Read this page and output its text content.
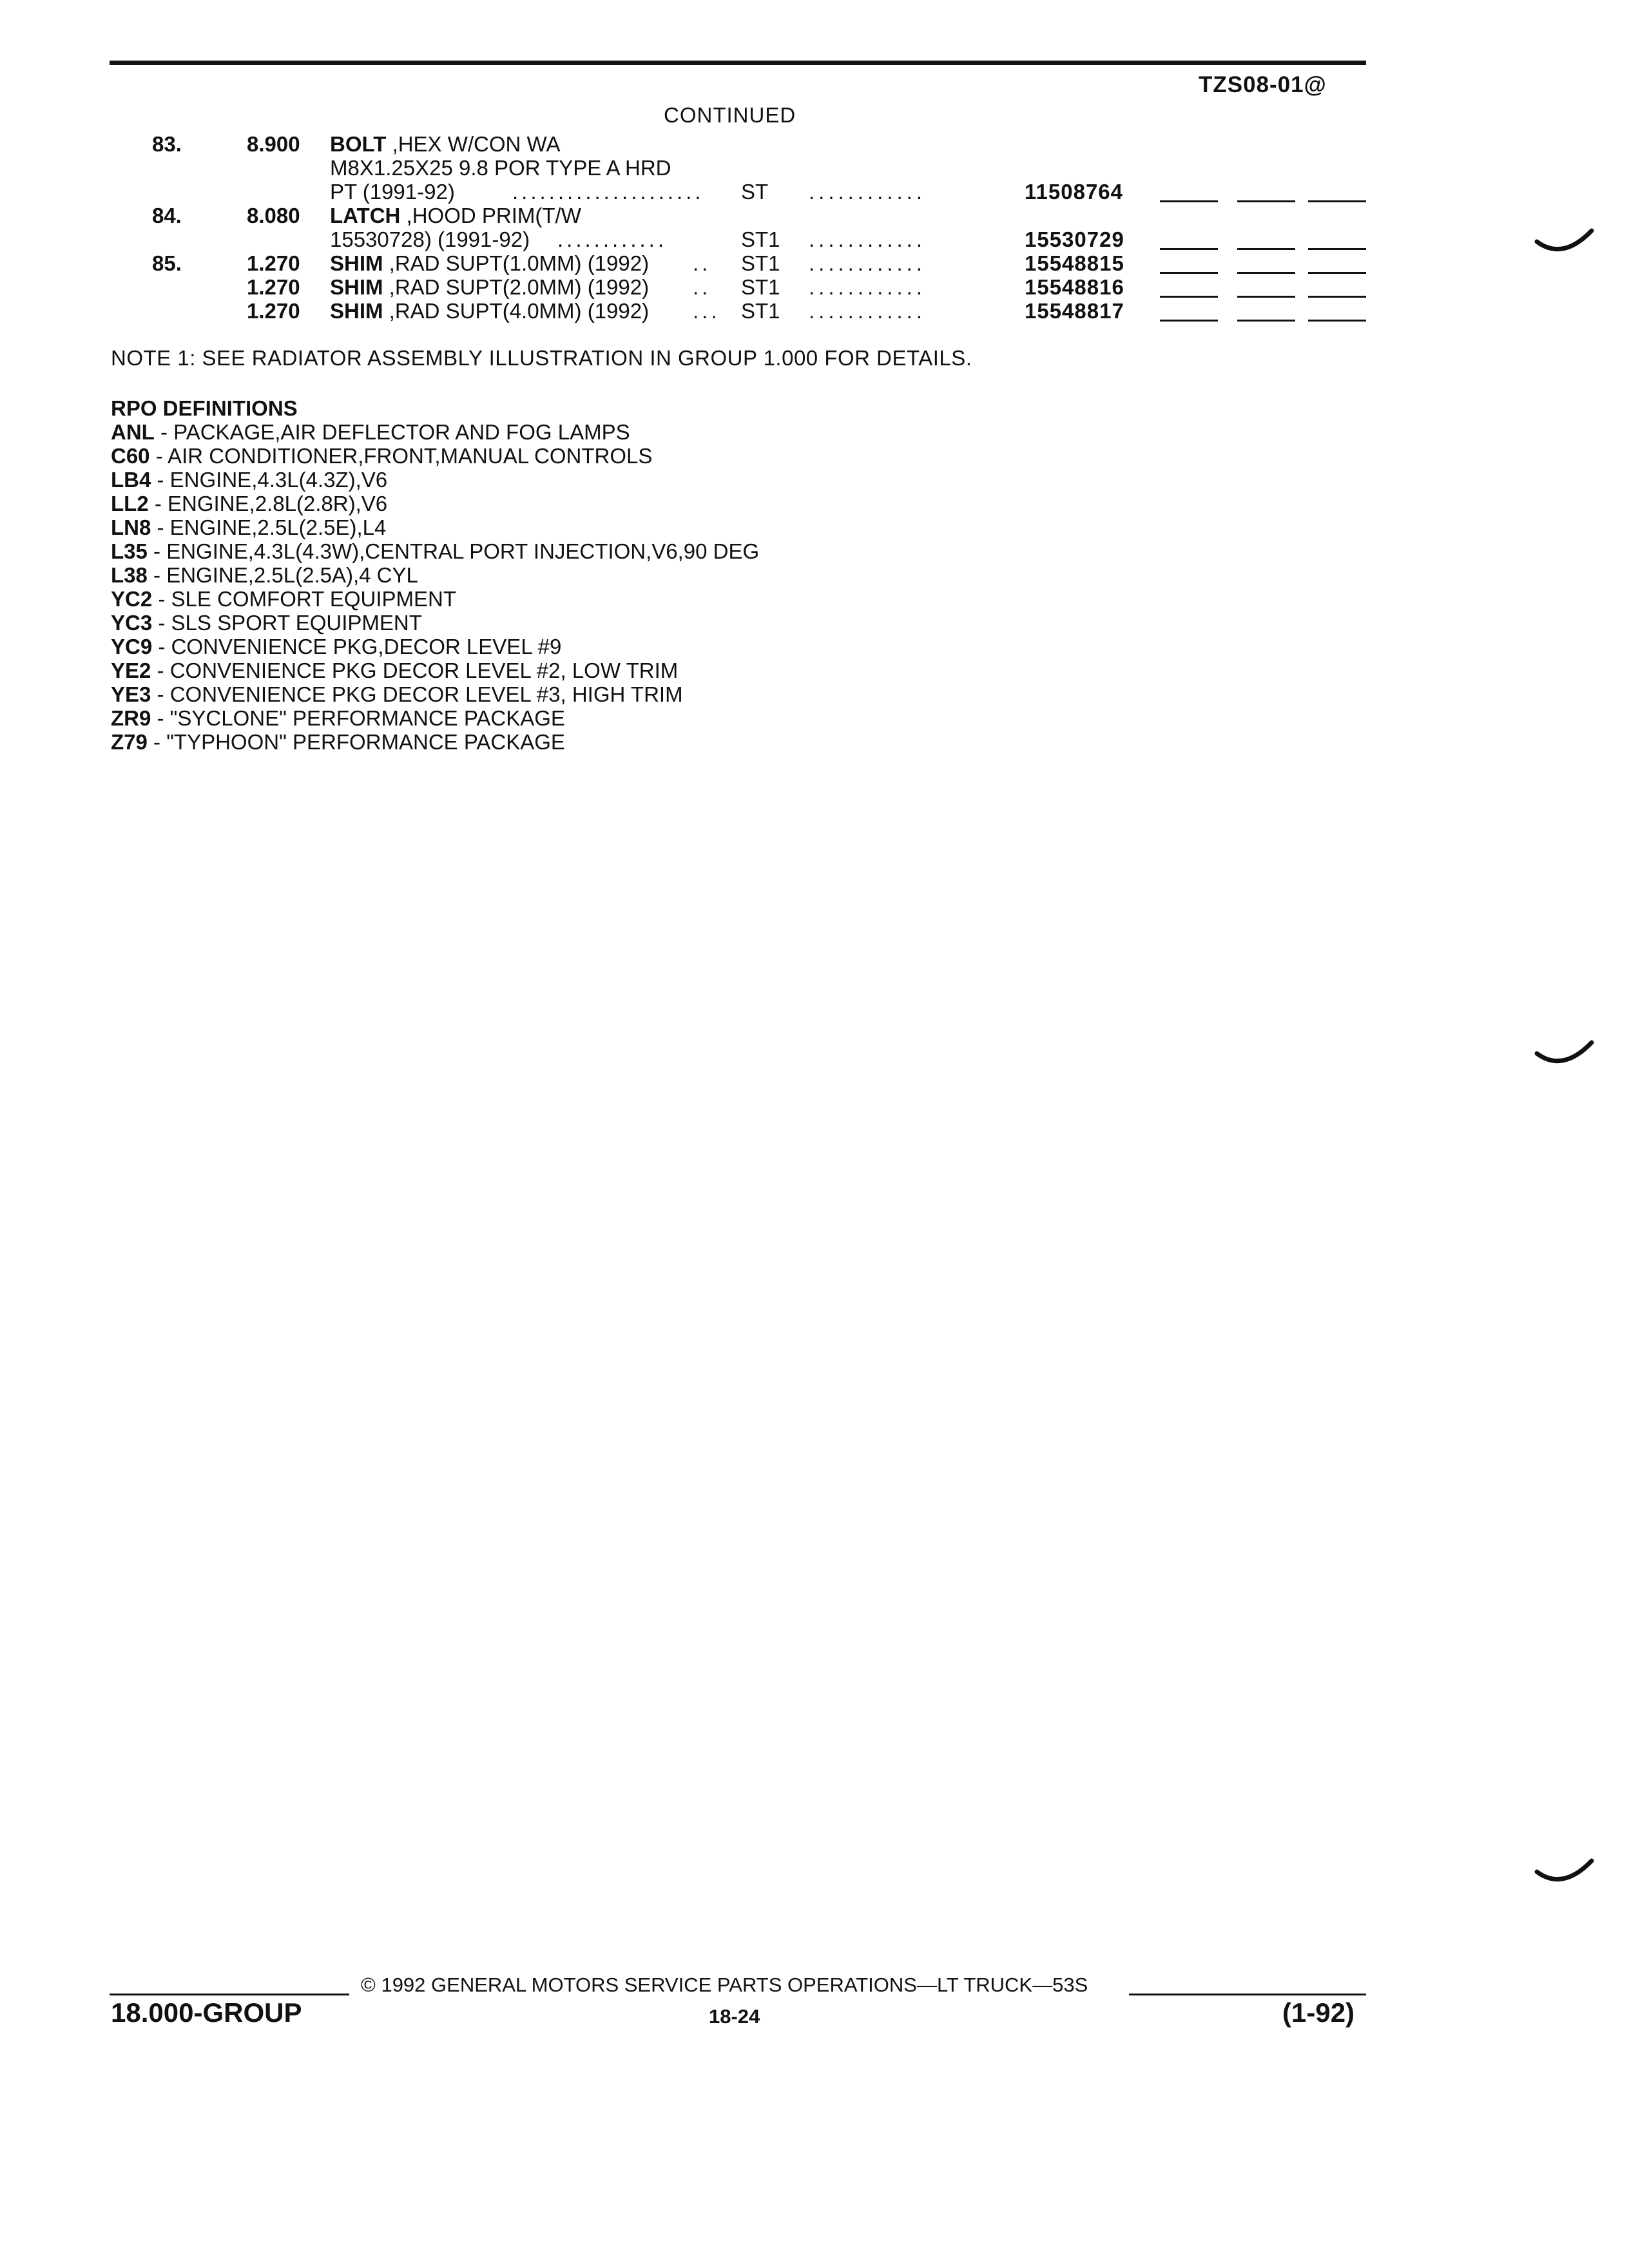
TZS08-01@
CONTINUED
83.	8.900 BOLT ,HEX W/CON WA
M8X1.25X25 9.8 POR TYPE A HRD
PT (1991-92)	..................... ST ............	11508764
84.	8.080 LATCH ,HOOD PRIM(T/W
15530728) (1991-92) ............	ST1 ............	15530729
85.	1.270 SHIM ,RAD SUPT(1.0MM) (1992) .. ST1 ............	15548815
1.270 SHIM ,RAD SUPT(2.0MM) (1992) .. ST1 ............	15548816
1.270 SHIM ,RAD SUPT(4.0MM) (1992) ... ST1 ............	15548817
NOTE 1: SEE RADIATOR ASSEMBLY ILLUSTRATION IN GROUP 1.000 FOR DETAILS.
RPO DEFINITIONS
ANL - PACKAGE,AIR DEFLECTOR AND FOG LAMPS
C60 - AIR CONDITIONER,FRONT,MANUAL CONTROLS
LB4 - ENGINE,4.3L(4.3Z),V6
LL2 - ENGINE,2.8L(2.8R),V6
LN8 - ENGINE,2.5L(2.5E),L4
L35 - ENGINE,4.3L(4.3W),CENTRAL PORT INJECTION,V6,90 DEG
L38 - ENGINE,2.5L(2.5A),4 CYL
YC2 - SLE COMFORT EQUIPMENT
YC3 - SLS SPORT EQUIPMENT
YC9 - CONVENIENCE PKG,DECOR LEVEL #9
YE2 - CONVENIENCE PKG DECOR LEVEL #2, LOW TRIM
YE3 - CONVENIENCE PKG DECOR LEVEL #3, HIGH TRIM
ZR9 - "SYCLONE" PERFORMANCE PACKAGE
Z79 - "TYPHOON" PERFORMANCE PACKAGE
© 1992 GENERAL MOTORS SERVICE PARTS OPERATIONS—LT TRUCK—53S
18.000-GROUP	18-24	(1-92)
